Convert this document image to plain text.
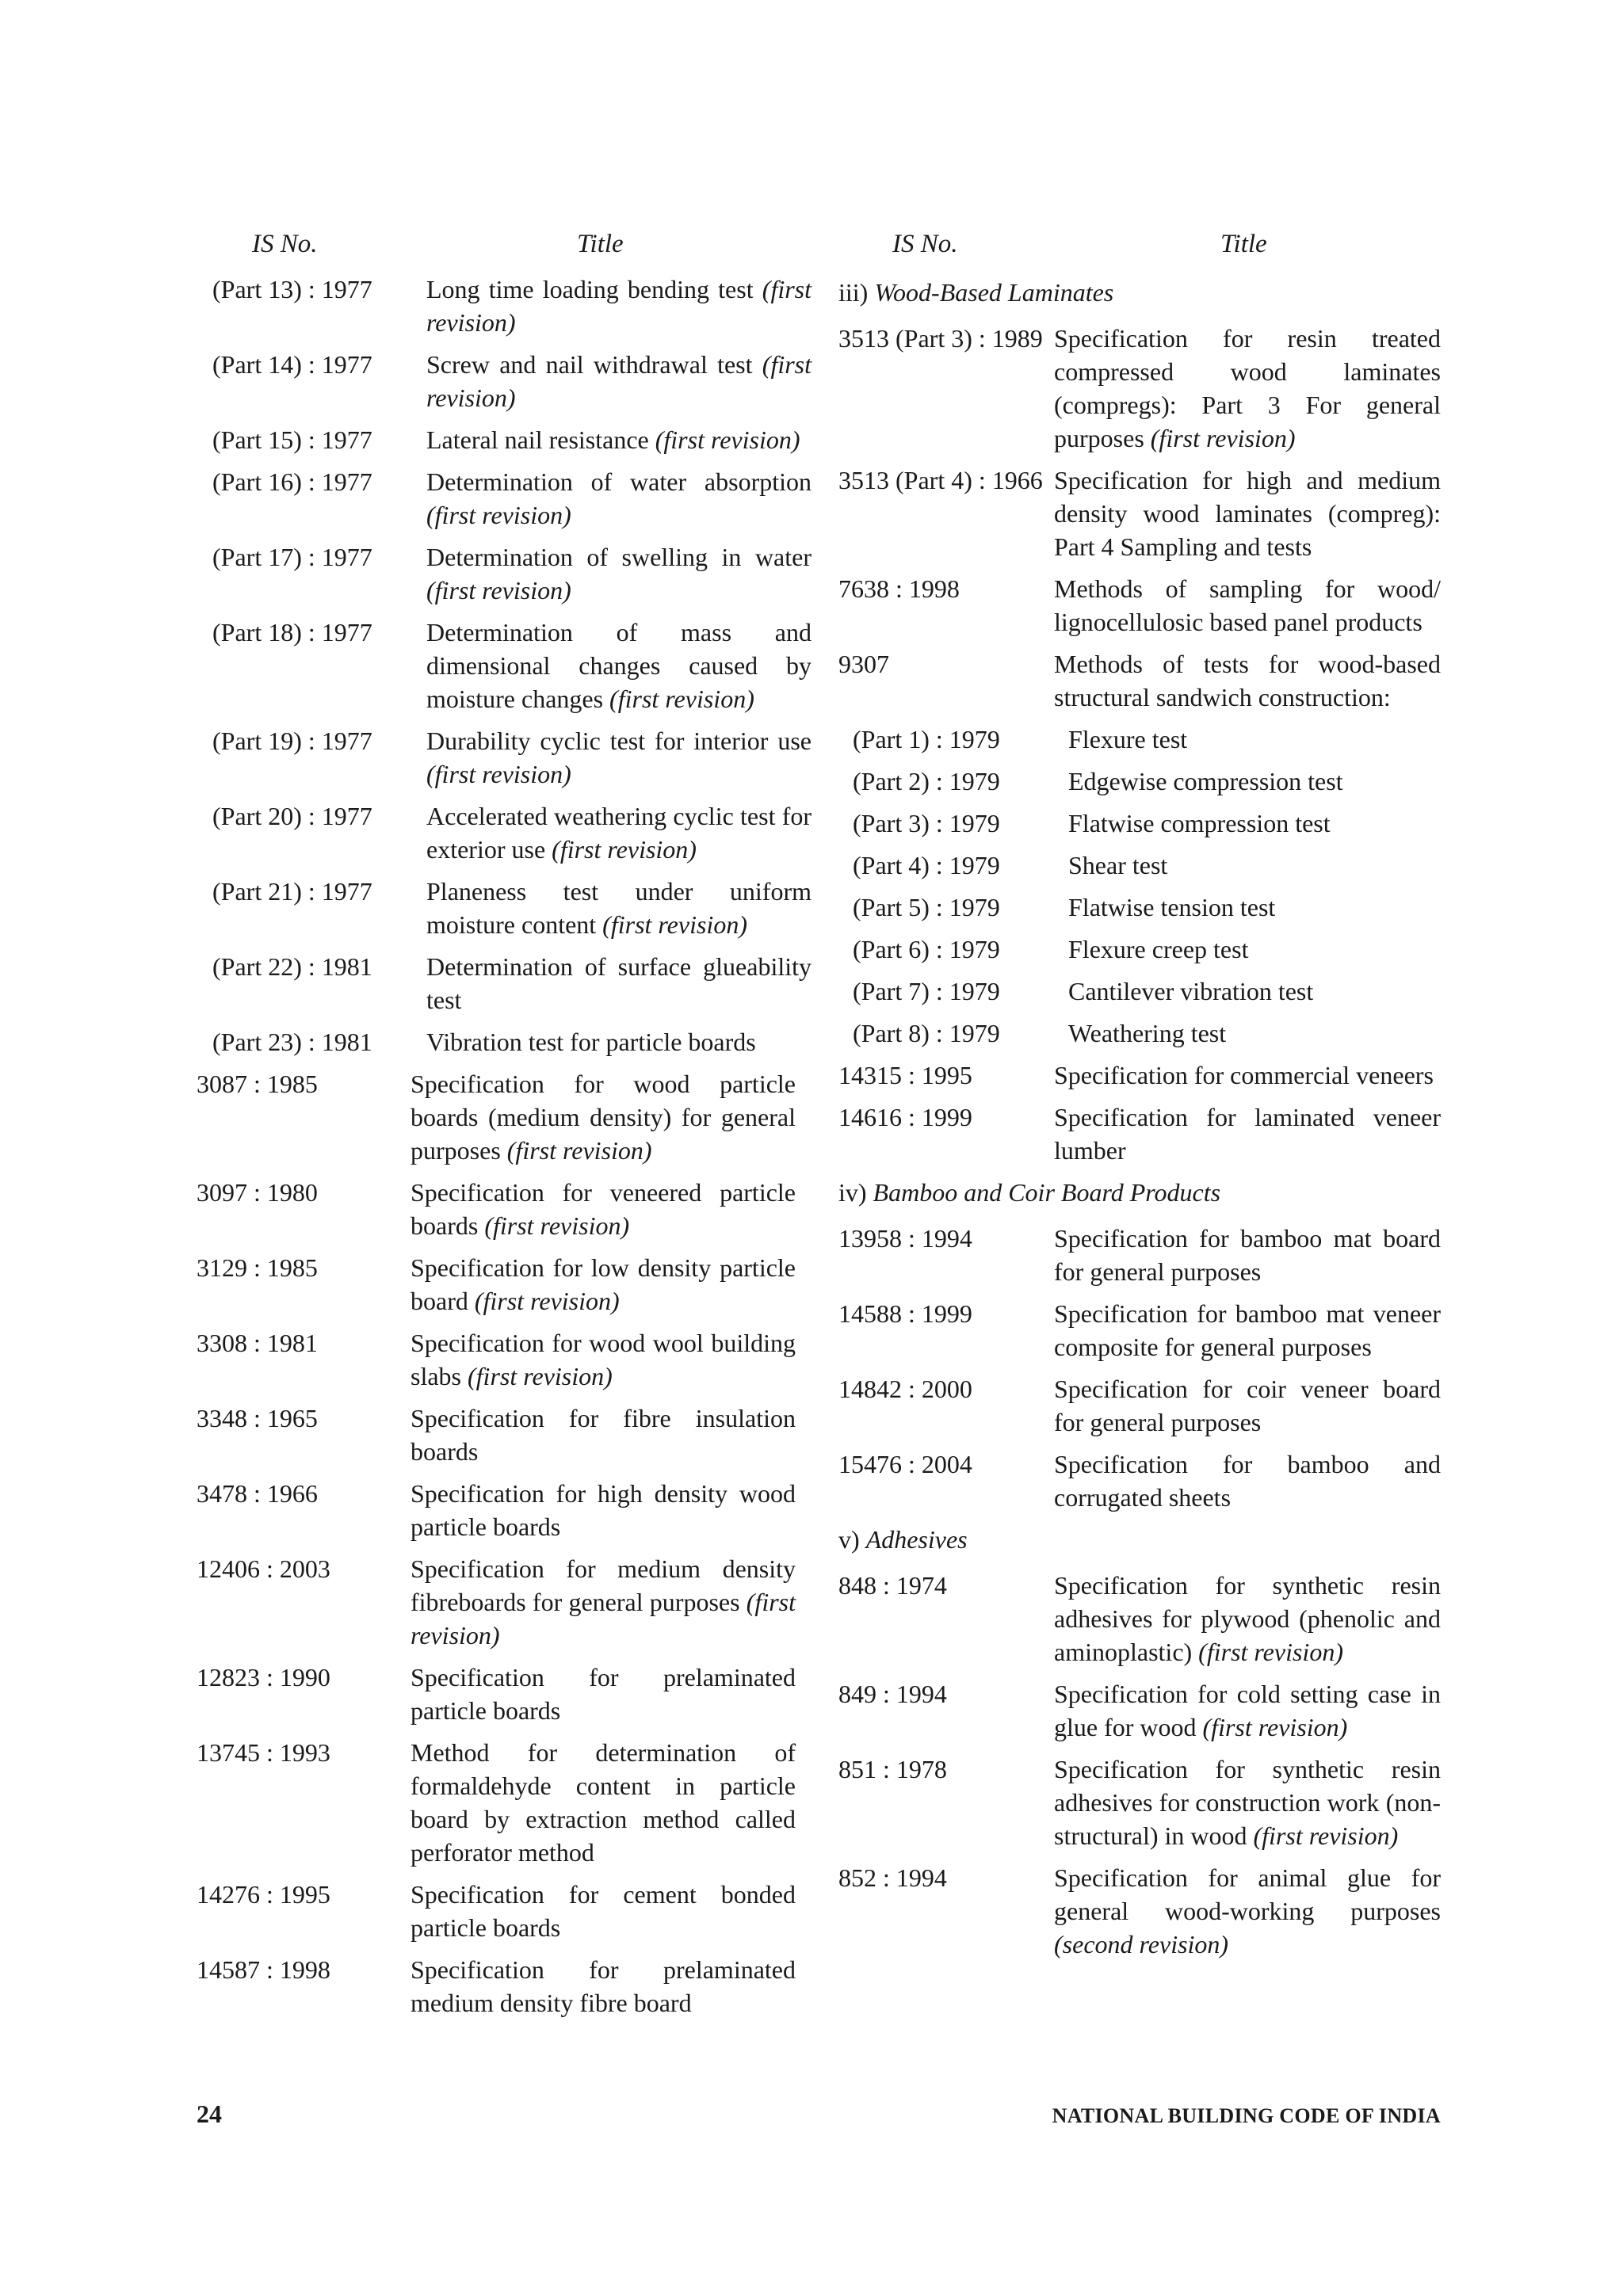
IS No.	Title
(Part 13) : 1977	Long time loading bending test (first revision)
(Part 14) : 1977	Screw and nail withdrawal test (first revision)
(Part 15) : 1977	Lateral nail resistance (first revision)
(Part 16) : 1977	Determination of water absorption (first revision)
(Part 17) : 1977	Determination of swelling in water (first revision)
(Part 18) : 1977	Determination of mass and dimensional changes caused by moisture changes (first revision)
(Part 19) : 1977	Durability cyclic test for interior use (first revision)
(Part 20) : 1977	Accelerated weathering cyclic test for exterior use (first revision)
(Part 21) : 1977	Planeness test under uniform moisture content (first revision)
(Part 22) : 1981	Determination of surface glueability test
(Part 23) : 1981	Vibration test for particle boards
3087 : 1985	Specification for wood particle boards (medium density) for general purposes (first revision)
3097 : 1980	Specification for veneered particle boards (first revision)
3129 : 1985	Specification for low density particle board (first revision)
3308 : 1981	Specification for wood wool building slabs (first revision)
3348 : 1965	Specification for fibre insulation boards
3478 : 1966	Specification for high density wood particle boards
12406 : 2003	Specification for medium density fibreboards for general purposes (first revision)
12823 : 1990	Specification for prelaminated particle boards
13745 : 1993	Method for determination of formaldehyde content in particle board by extraction method called perforator method
14276 : 1995	Specification for cement bonded particle boards
14587 : 1998	Specification for prelaminated medium density fibre board
IS No.	Title
iii) Wood-Based Laminates
3513 (Part 3) : 1989 Specification for resin treated compressed wood laminates (compregs): Part 3 For general purposes (first revision)
3513 (Part 4) : 1966 Specification for high and medium density wood laminates (compreg): Part 4 Sampling and tests
7638 : 1998	Methods of sampling for wood/ lignocellulosic based panel products
9307	Methods of tests for wood-based structural sandwich construction:
(Part 1) : 1979	Flexure test
(Part 2) : 1979	Edgewise compression test
(Part 3) : 1979	Flatwise compression test
(Part 4) : 1979	Shear test
(Part 5) : 1979	Flatwise tension test
(Part 6) : 1979	Flexure creep test
(Part 7) : 1979	Cantilever vibration test
(Part 8) : 1979	Weathering test
14315 : 1995	Specification for commercial veneers
14616 : 1999	Specification for laminated veneer lumber
iv) Bamboo and Coir Board Products
13958 : 1994	Specification for bamboo mat board for general purposes
14588 : 1999	Specification for bamboo mat veneer composite for general purposes
14842 : 2000	Specification for coir veneer board for general purposes
15476 : 2004	Specification for bamboo and corrugated sheets
v) Adhesives
848 : 1974	Specification for synthetic resin adhesives for plywood (phenolic and aminoplastic) (first revision)
849 : 1994	Specification for cold setting case in glue for wood (first revision)
851 : 1978	Specification for synthetic resin adhesives for construction work (non-structural) in wood (first revision)
852 : 1994	Specification for animal glue for general wood-working purposes (second revision)
24	NATIONAL BUILDING CODE OF INDIA
